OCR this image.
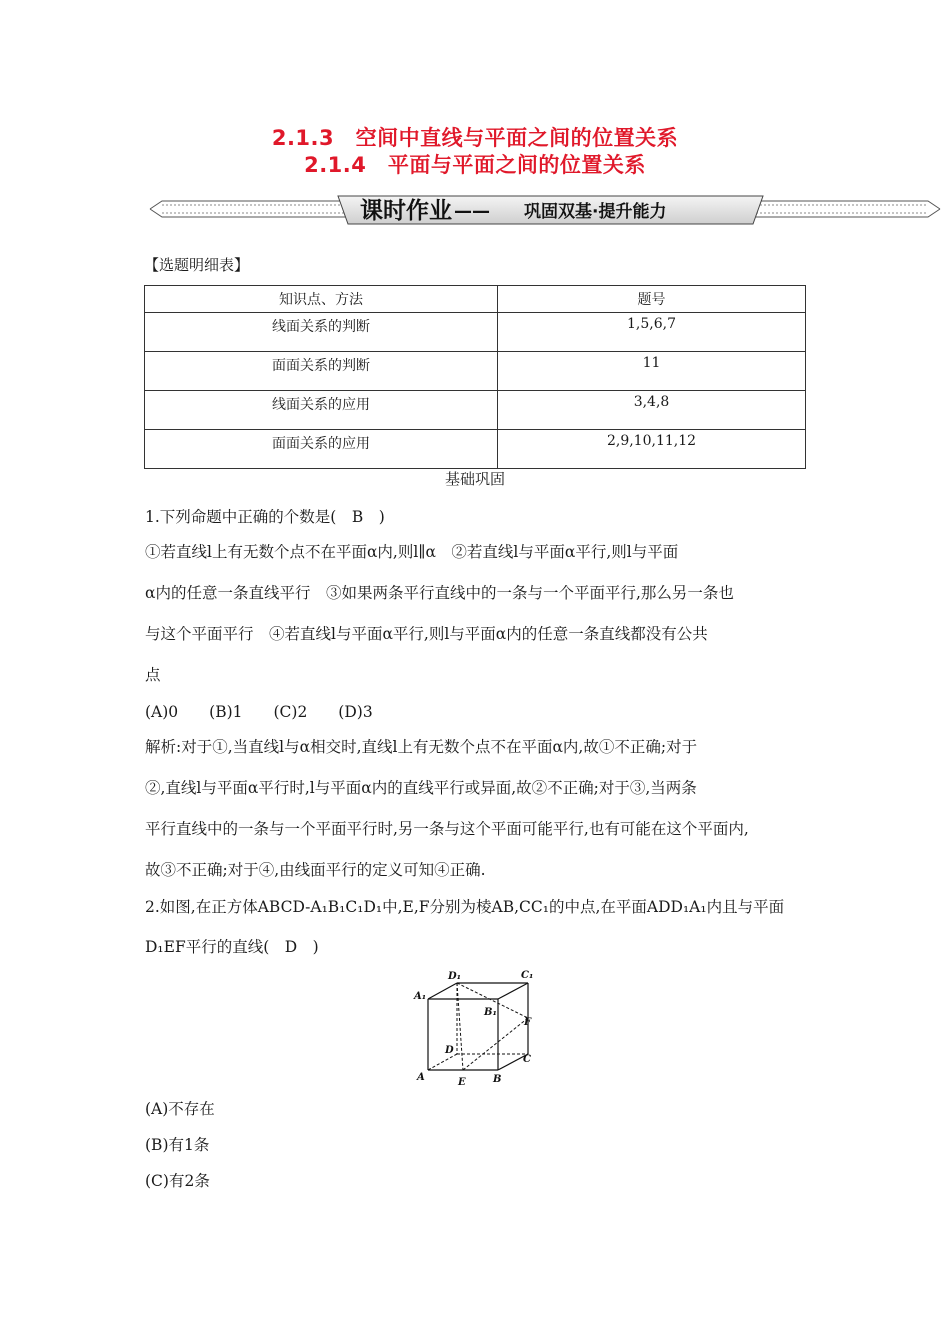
2.1.3　空间中直线与平面之间的位置关系
2.1.4　平面与平面之间的位置关系
课时作业 —— 巩固双基·提升能力
【选题明细表】
知识点、方法	题号
线面关系的判断	1,5,6,7
面面关系的判断	11
线面关系的应用	3,4,8
面面关系的应用	2,9,10,11,12
基础巩固
1.下列命题中正确的个数是(　B　)
①若直线l上有无数个点不在平面α内,则l∥α　②若直线l与平面α平行,则l与平面
α内的任意一条直线平行　③如果两条平行直线中的一条与一个平面平行,那么另一条也
与这个平面平行　④若直线l与平面α平行,则l与平面α内的任意一条直线都没有公共
点
(A)0　　(B)1　　(C)2　　(D)3
解析:对于①,当直线l与α相交时,直线l上有无数个点不在平面α内,故①不正确;对于
②,直线l与平面α平行时,l与平面α内的直线平行或异面,故②不正确;对于③,当两条
平行直线中的一条与一个平面平行时,另一条与这个平面可能平行,也有可能在这个平面内,
故③不正确;对于④,由线面平行的定义可知④正确.
2.如图,在正方体ABCD-A₁B₁C₁D₁中,E,F分别为棱AB,CC₁的中点,在平面ADD₁A₁内且与平面
D₁EF平行的直线(　D　)
D₁	C₁
A₁
B₁
F
D
C
A	E	B
(A)不存在
(B)有1条
(C)有2条
